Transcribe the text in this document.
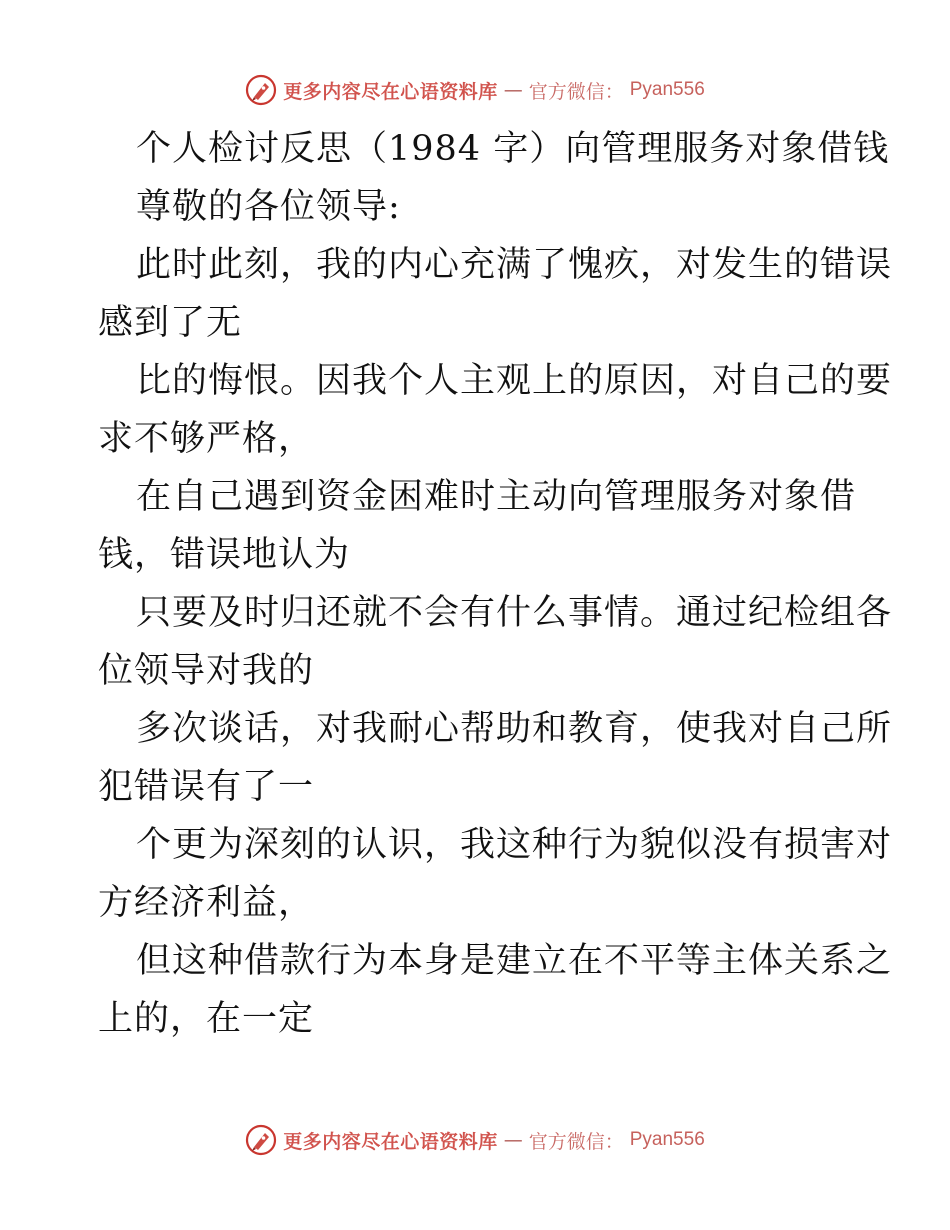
更多内容尽在心语资料库 — 官方微信： Pyan556
个人检讨反思（1984 字）向管理服务对象借钱
尊敬的各位领导:
此时此刻，我的内心充满了愧疚，对发生的错误
感到了无
比的悔恨。因我个人主观上的原因，对自己的要
求不够严格，
在自己遇到资金困难时主动向管理服务对象借
钱，错误地认为
只要及时归还就不会有什么事情。通过纪检组各
位领导对我的
多次谈话，对我耐心帮助和教育，使我对自己所
犯错误有了一
个更为深刻的认识，我这种行为貌似没有损害对
方经济利益，
但这种借款行为本身是建立在不平等主体关系之
上的，在一定
更多内容尽在心语资料库 — 官方微信： Pyan556
